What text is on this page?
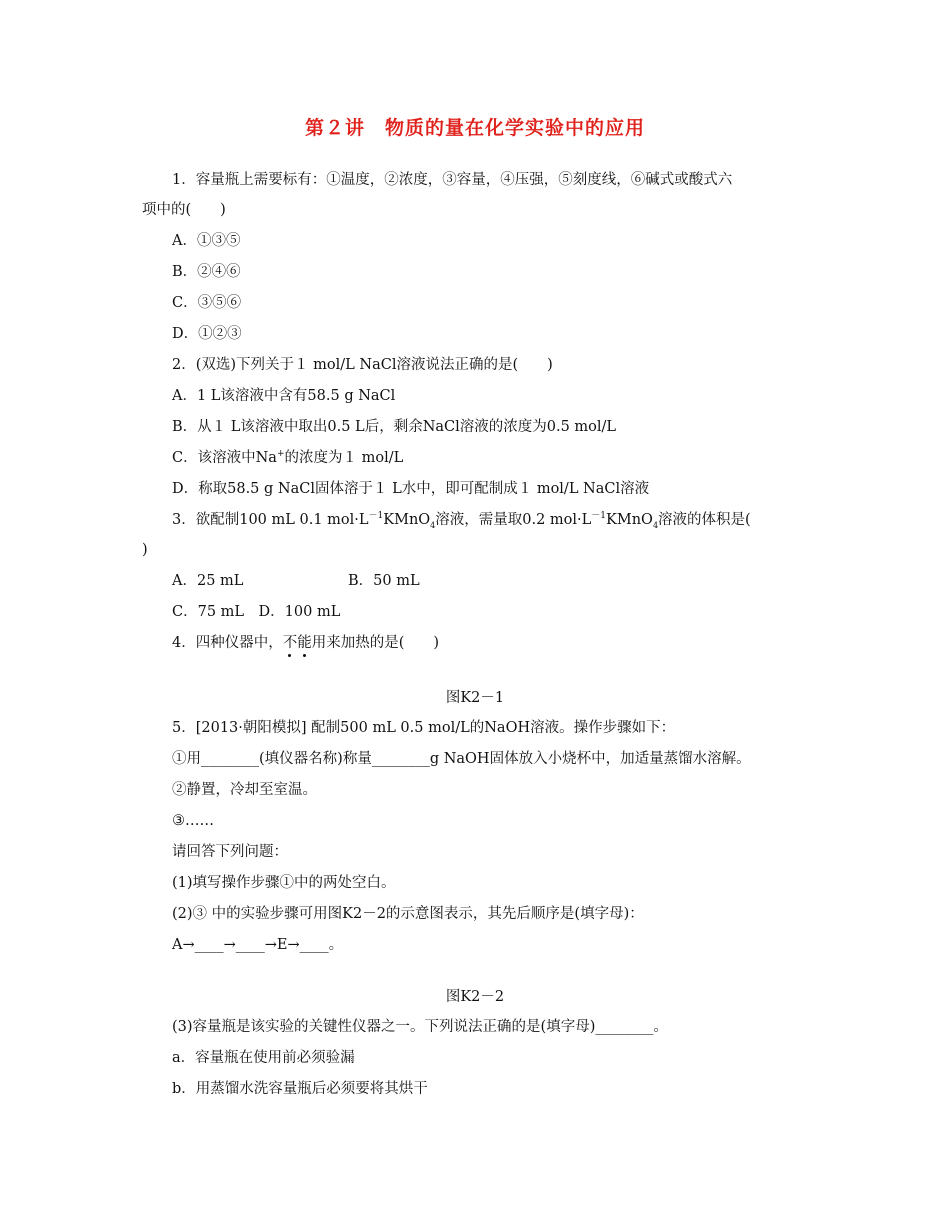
第２讲　物质的量在化学实验中的应用
1．容量瓶上需要标有：①温度，②浓度，③容量，④压强，⑤刻度线，⑥碱式或酸式六
项中的(　　)
A．①③⑤
B．②④⑥
C．③⑤⑥
D．①②③
2．(双选)下列关于１ mol/L NaCl溶液说法正确的是(　　)
A．1 L该溶液中含有58.5 g NaCl
B．从１ L该溶液中取出0.5 L后，剩余NaCl溶液的浓度为0.5 mol/L
C．该溶液中Na+的浓度为１ mol/L
D．称取58.5 g NaCl固体溶于１ L水中，即可配制成１ mol/L NaCl溶液
3．欲配制100 mL 0.1 $mol\cdot L^{-1}KMnO_4$溶液，需量取0.2 $mol\cdot L^{-1}KMnO_4$溶液的体积是(
)
A．25 mL	B．50 mL
C．75 mL　D．100 mL
4．四种仪器中，不能用来加热的是(　　)
图K2－1
5．[2013·朝阳模拟] 配制500 mL 0.5 mol/L的NaOH溶液。操作步骤如下：
①用________(填仪器名称)称量________g NaOH固体放入小烧杯中，加适量蒸馏水溶解。
②静置，冷却至室温。
③……
请回答下列问题：
(1)填写操作步骤①中的两处空白。
(2)③ 中的实验步骤可用图K2－2的示意图表示，其先后顺序是(填字母)：
A→____→____→E→____。
图K2－2
(3)容量瓶是该实验的关键性仪器之一。下列说法正确的是(填字母)________。
a．容量瓶在使用前必须验漏
b．用蒸馏水洗容量瓶后必须要将其烘干
